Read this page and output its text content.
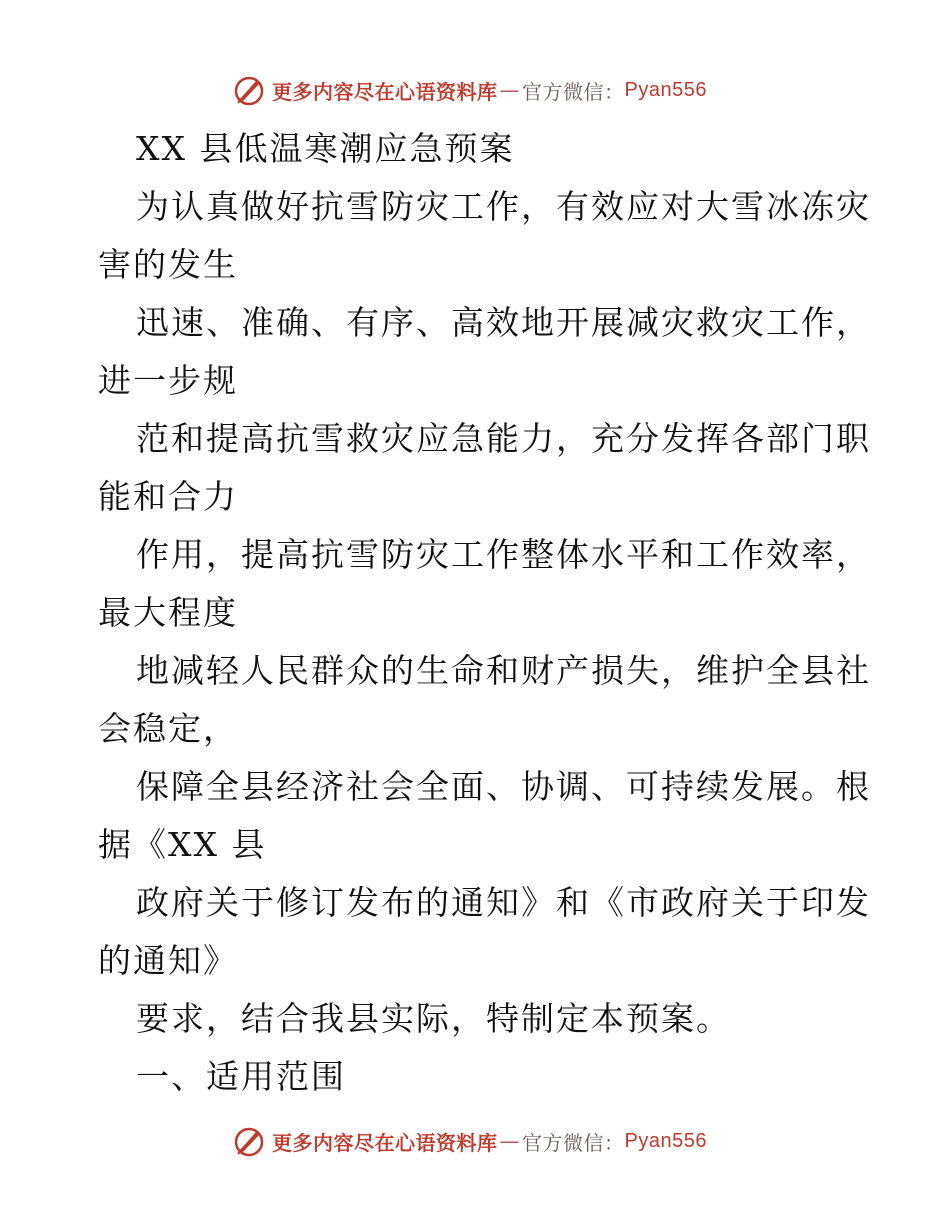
更多内容尽在心语资料库 — 官方微信： Pyan556
XX 县低温寒潮应急预案
为认真做好抗雪防灾工作，有效应对大雪冰冻灾
害的发生
迅速、准确、有序、高效地开展减灾救灾工作，
进一步规
范和提高抗雪救灾应急能力，充分发挥各部门职
能和合力
作用，提高抗雪防灾工作整体水平和工作效率，
最大程度
地减轻人民群众的生命和财产损失，维护全县社
会稳定，
保障全县经济社会全面、协调、可持续发展。根
据《XX 县
政府关于修订发布的通知》和《市政府关于印发
的通知》
要求，结合我县实际，特制定本预案。
一、适用范围
更多内容尽在心语资料库 — 官方微信： Pyan556
